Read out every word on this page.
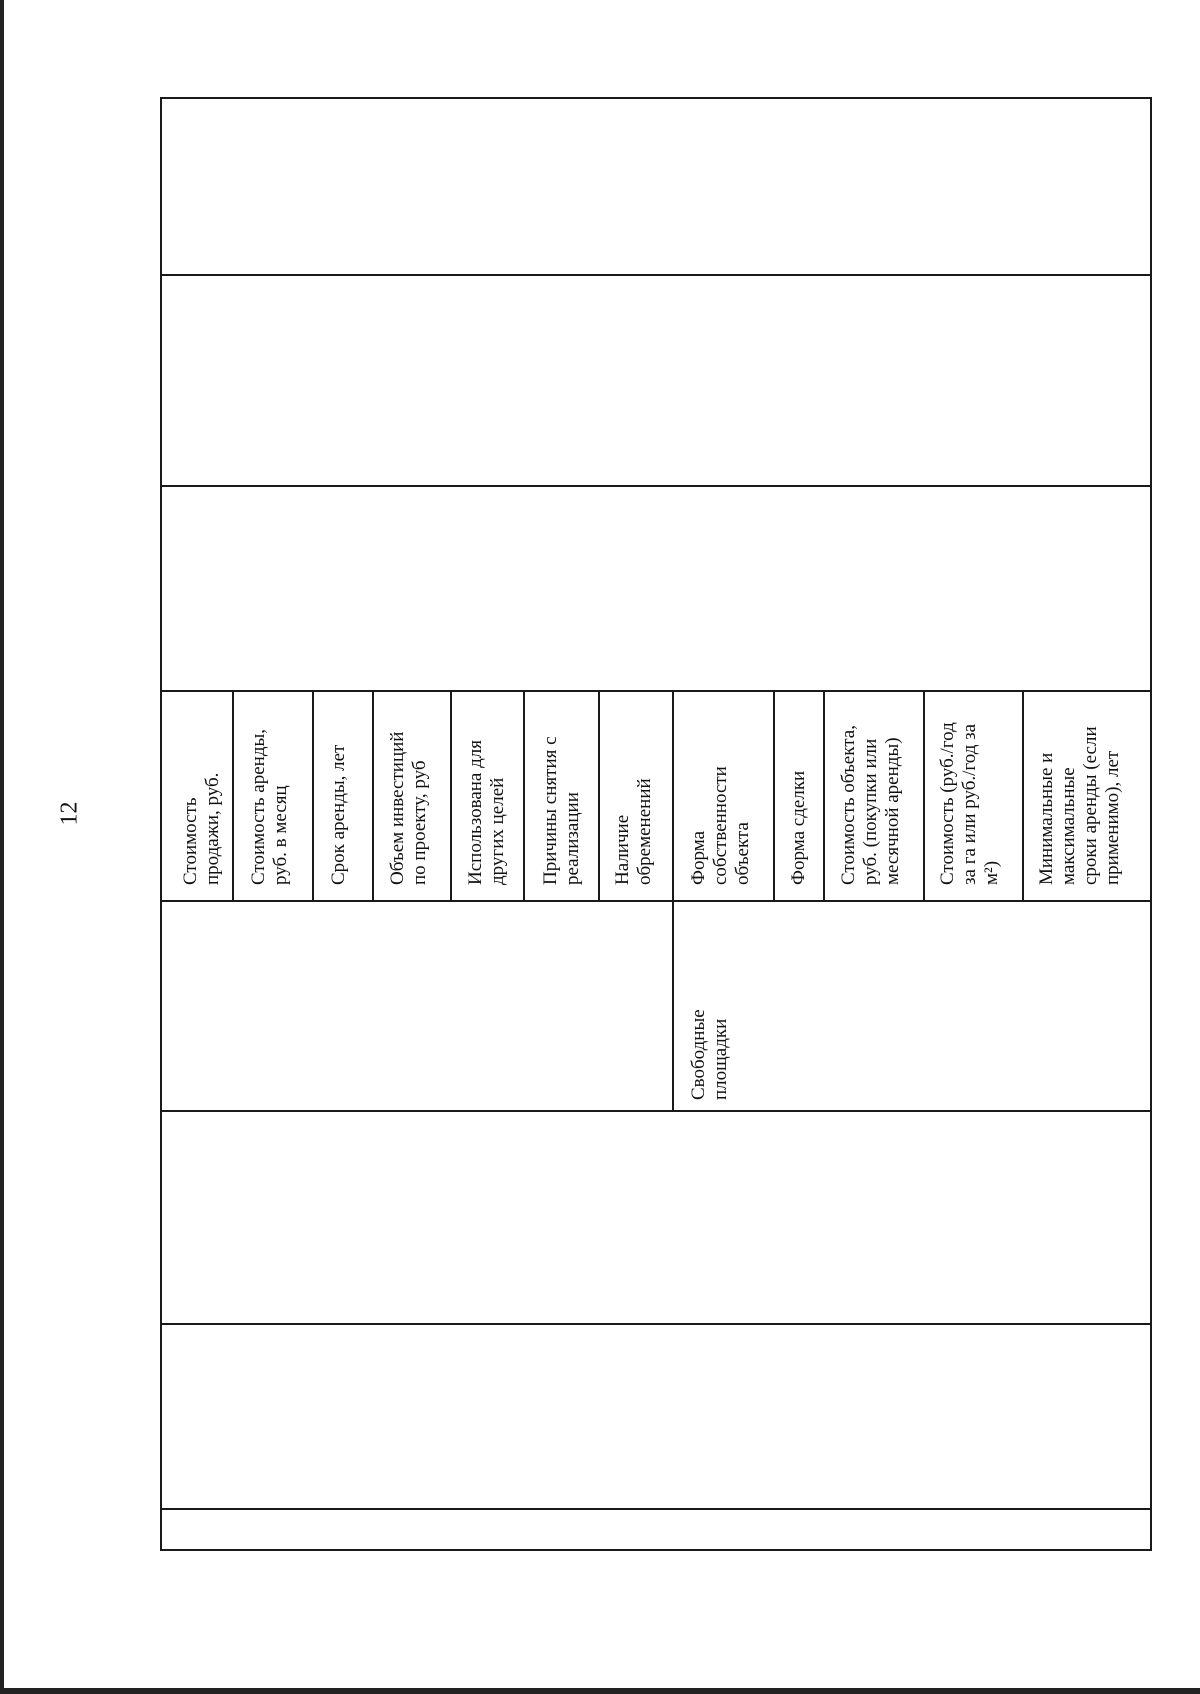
12	Стоимость
продажи, руб.
Стоимость аренды,
руб. в месяц Срок аренды, лет Объем инвестиций
по проекту, руб Использована для
других целей
Причины снятия с
реализации Наличие
обременений Форма
собственности
объекта Форма сделки Стоимость объекта,
руб. (покупки или
месячной аренды)
Стоимость (руб./год
за га или руб./год за
м²) Минимальные и
максимальные
сроки аренды (если
применимо), лет
Свободные
площадки
